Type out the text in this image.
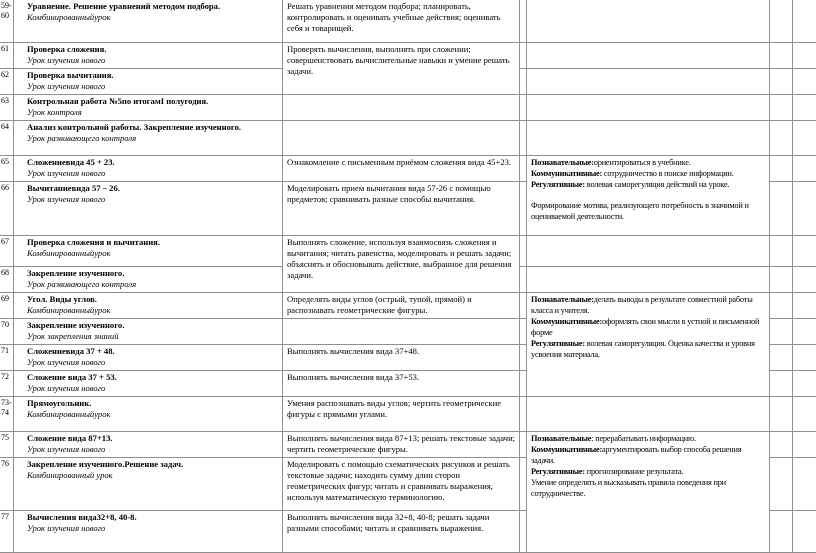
59-60	Уравнение. Решение уравнений методом подбора.
Комбинированныйурок	Решать уравнения методом подбора; планировать, контролировать и оценивать учебные действия; оценивать себя и товарищей.				
61	Проверка сложения.
Урок изучения нового	Проверять вычисления, выполнять при сложении; совершенствовать вычислительные навыки и умение решать задачи.				
62	Проверка вычитания.
Урок изучения нового					

63	Контрольная работа №5по итогамI полугодия.
Урок контроля					

64	Анализ контрольной работы. Закрепление изученного.
Урок развивающего контроля					

65	Сложениевида 45 + 23.
Урок изучения нового
	Ознакомление с письменным приёмом сложения вида 45+23.		Познавательные:ориентироваться в учебнике.
Коммуникативные: сотрудничество в поиске информации.
Регулятивные: волевая саморегуляция действий на уроке.
Формирование мотива, реализующего потребность в значимой и оцениваемой деятельности.

66	Вычитаниевида 57 – 26.
Урок изучения нового	Моделировать прием вычитания вида 57-26 с помощью предметов; сравнивать разные способы вычитания.				
67	Проверка сложения и вычитания.
Комбинированныйурок	Выполнять сложение, используя взаимосвязь сложения и вычитания; читать равенства, моделировать и решать задачи; объяснять и обосновывать действие, выбранное для решения задачи.				
68	Закрепление изученного.
Урок развивающего контроля					

69	Угол. Виды углов.
Комбинированныйурок
	Определять виды углов (острый, тупой, прямой) и распознавать геометрические фигуры.		
Познавательные:делать выводы в результате совместной работы класса и учителя.
Коммуникативные:оформлять свои мысли в устной и письменной форме
Регулятивные: волевая саморегуляция. Оценка качества и уровня усвоения материала.

70	Закрепление изученного.
Урок закрепления знаний					

71	Сложениевида 37 + 48.
Урок изучения нового	Выполнять вычисления вида 37+48.				
72	Сложение вида 37 + 53.
Урок изучения нового	Выполнять вычисления вида 37+53.				
73-74	Прямоугольник.
Комбинированныйурок	Умения распознавать виды углов; чертить геометрические фигуры с прямыми углами.				
75	Сложение вида 87+13.
Урок изучения нового
	Выполнять вычисления вида 87+13; решать текстовые задачи; чертить геометрические фигуры.		
Познавательные: перерабатывать информацию.
Коммуникативные:аргументировать выбор способа решения задачи.
Регулятивные: прогнозирование результата.
Умение определять и высказывать правила поведения при сотрудничестве.

76	Закрепление изученного.Решение задач.
Комбинированный урок	Моделировать с помощью схематических рисунков и решать текстовые задачи; находить сумму длин сторон геометрических фигур; читать и сравнивать выражения, используя математическую терминологию.				
77	Вычисления вида32+8, 40-8.
Урок изучения нового	Выполнять вычисления вида 32+8, 40-8; решать задачи разными способами; читать и сравнивать выражения.				
